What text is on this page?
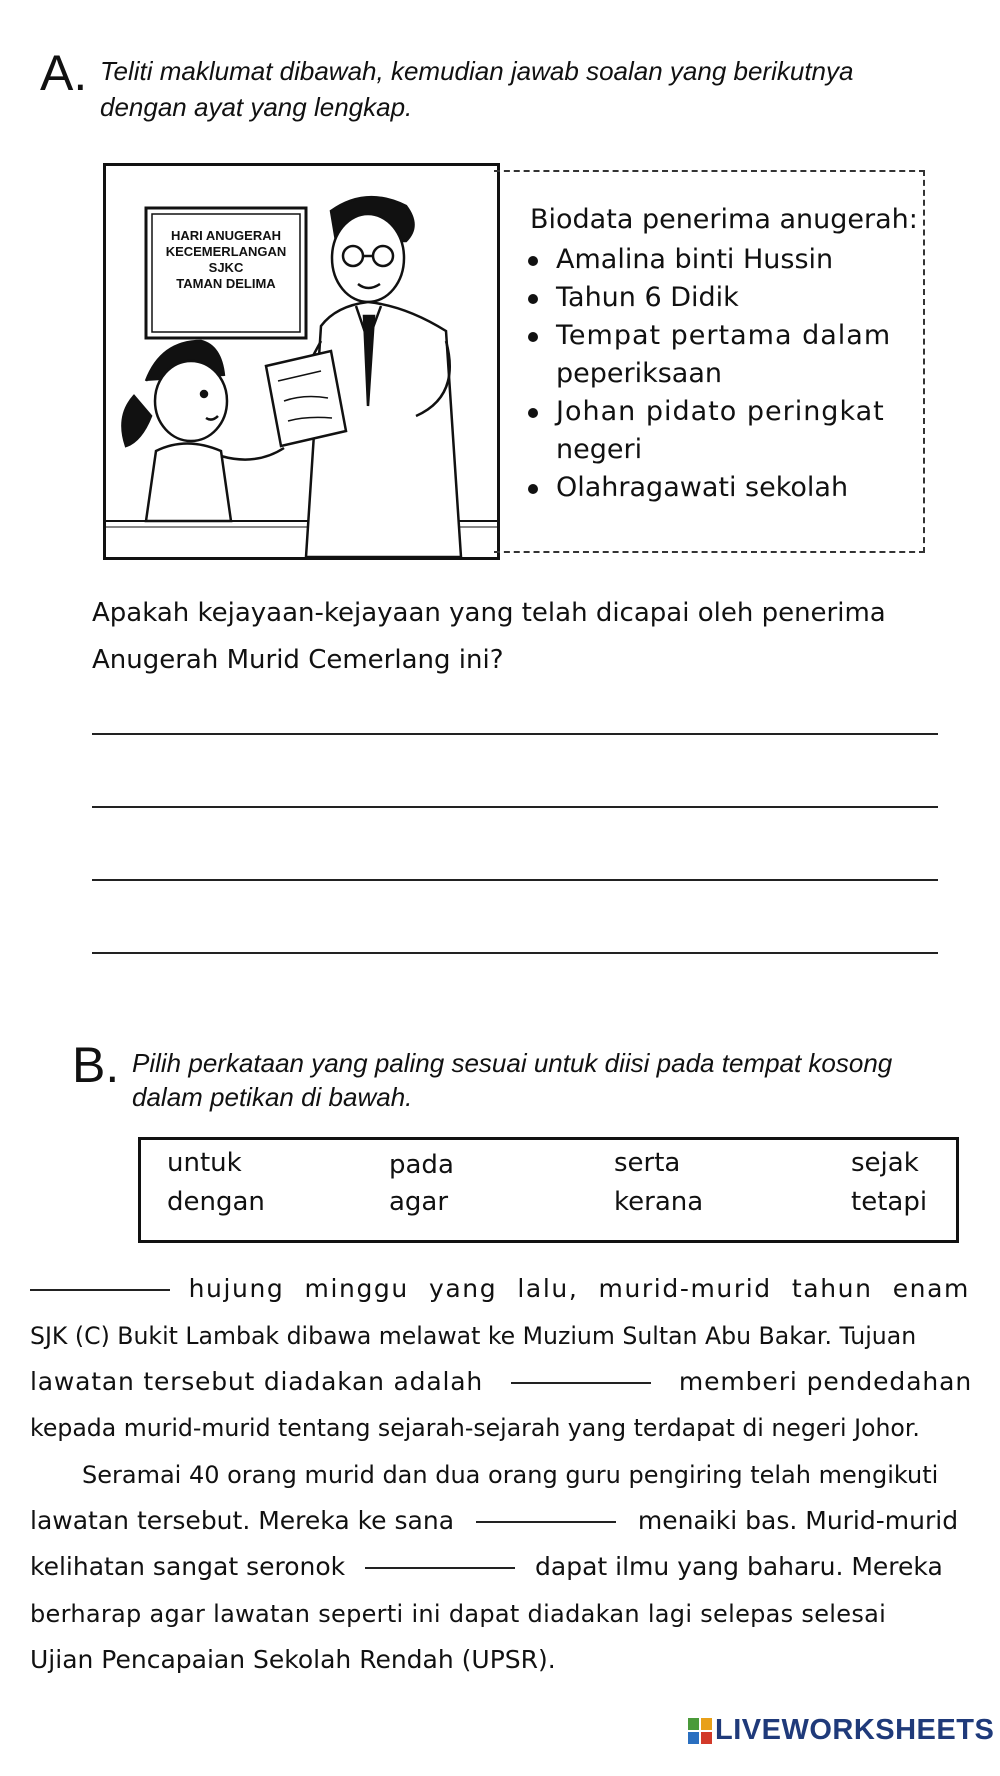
A. Teliti maklumat dibawah, kemudian jawab soalan yang berikutnya
dengan ayat yang lengkap.
HARI ANUGERAH
KECEMERLANGAN
SJKC
TAMAN DELIMA
Biodata penerima anugerah:
Amalina binti Hussin
Tahun 6 Didik
Tempat pertama dalam
peperiksaan
Johan pidato peringkat
negeri
Olahragawati sekolah
Apakah kejayaan-kejayaan yang telah dicapai oleh penerima
Anugerah Murid Cemerlang ini?
B. Pilih perkataan yang paling sesuai untuk diisi pada tempat kosong
dalam petikan di bawah.
untuk	pada	serta	sejak
dengan	agar	kerana	tetapi
hujung minggu yang lalu, murid-murid tahun enam
SJK (C) Bukit Lambak dibawa melawat ke Muzium Sultan Abu Bakar. Tujuan
lawatan tersebut diadakan adalah	memberi pendedahan
kepada murid-murid tentang sejarah-sejarah yang terdapat di negeri Johor.
Seramai 40 orang murid dan dua orang guru pengiring telah mengikuti
lawatan tersebut. Mereka ke sana	menaiki bas. Murid-murid
kelihatan sangat seronok	dapat ilmu yang baharu. Mereka
berharap agar lawatan seperti ini dapat diadakan lagi selepas selesai
Ujian Pencapaian Sekolah Rendah (UPSR).
LIVEWORKSHEETS
